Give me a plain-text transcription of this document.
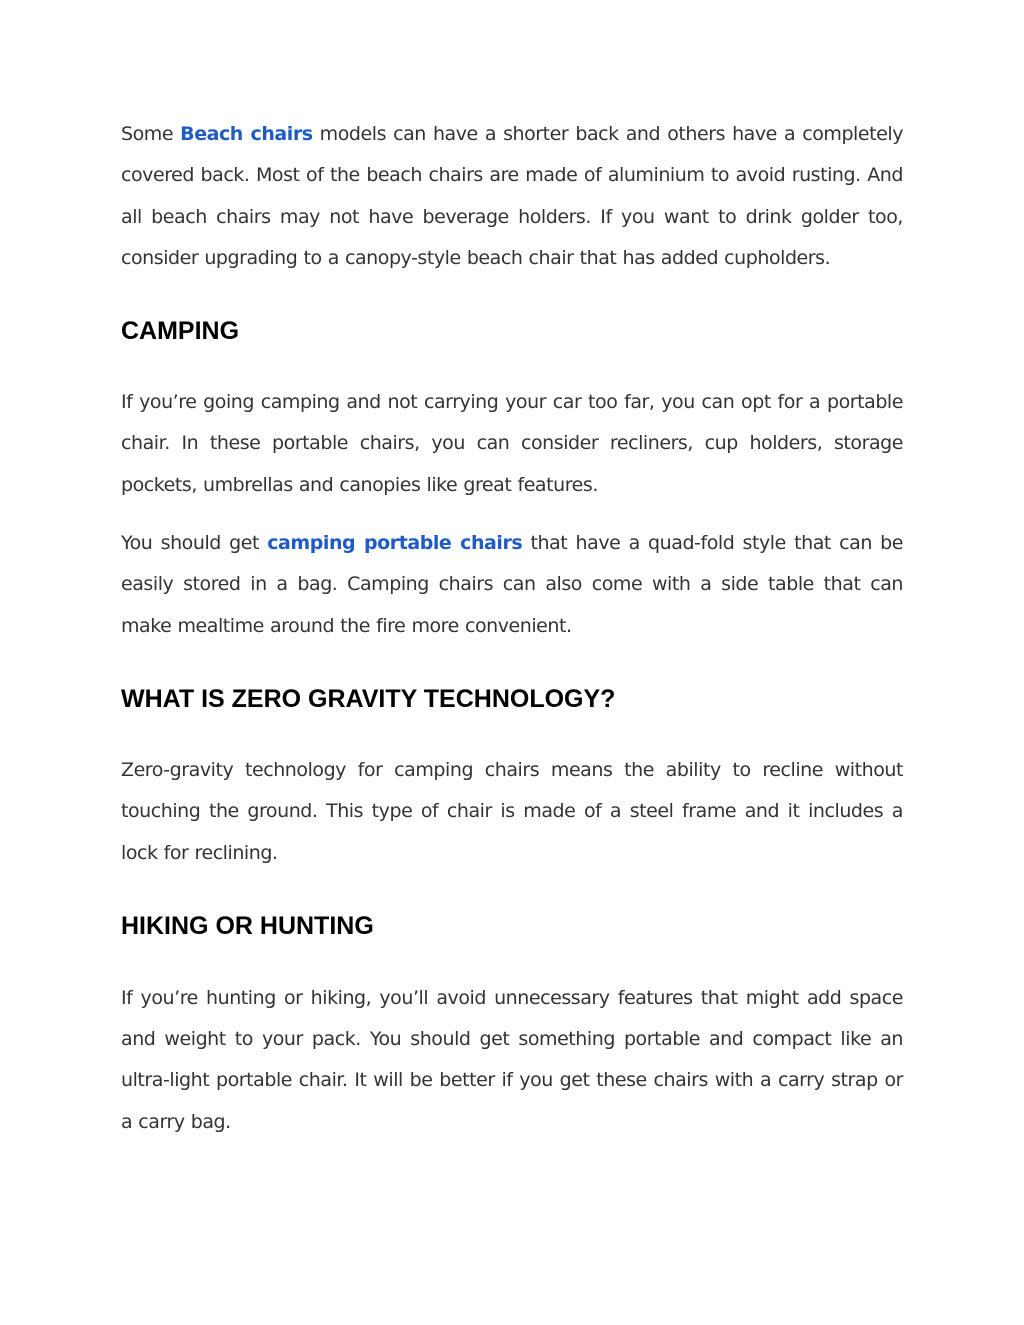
Some Beach chairs models can have a shorter back and others have a completely covered back. Most of the beach chairs are made of aluminium to avoid rusting. And all beach chairs may not have beverage holders. If you want to drink golder too, consider upgrading to a canopy-style beach chair that has added cupholders.

CAMPING

If you’re going camping and not carrying your car too far, you can opt for a portable chair. In these portable chairs, you can consider recliners, cup holders, storage pockets, umbrellas and canopies like great features.

You should get camping portable chairs that have a quad-fold style that can be easily stored in a bag. Camping chairs can also come with a side table that can make mealtime around the fire more convenient.

WHAT IS ZERO GRAVITY TECHNOLOGY?

Zero-gravity technology for camping chairs means the ability to recline without touching the ground. This type of chair is made of a steel frame and it includes a lock for reclining.

HIKING OR HUNTING

If you’re hunting or hiking, you’ll avoid unnecessary features that might add space and weight to your pack. You should get something portable and compact like an ultra-light portable chair. It will be better if you get these chairs with a carry strap or a carry bag.
